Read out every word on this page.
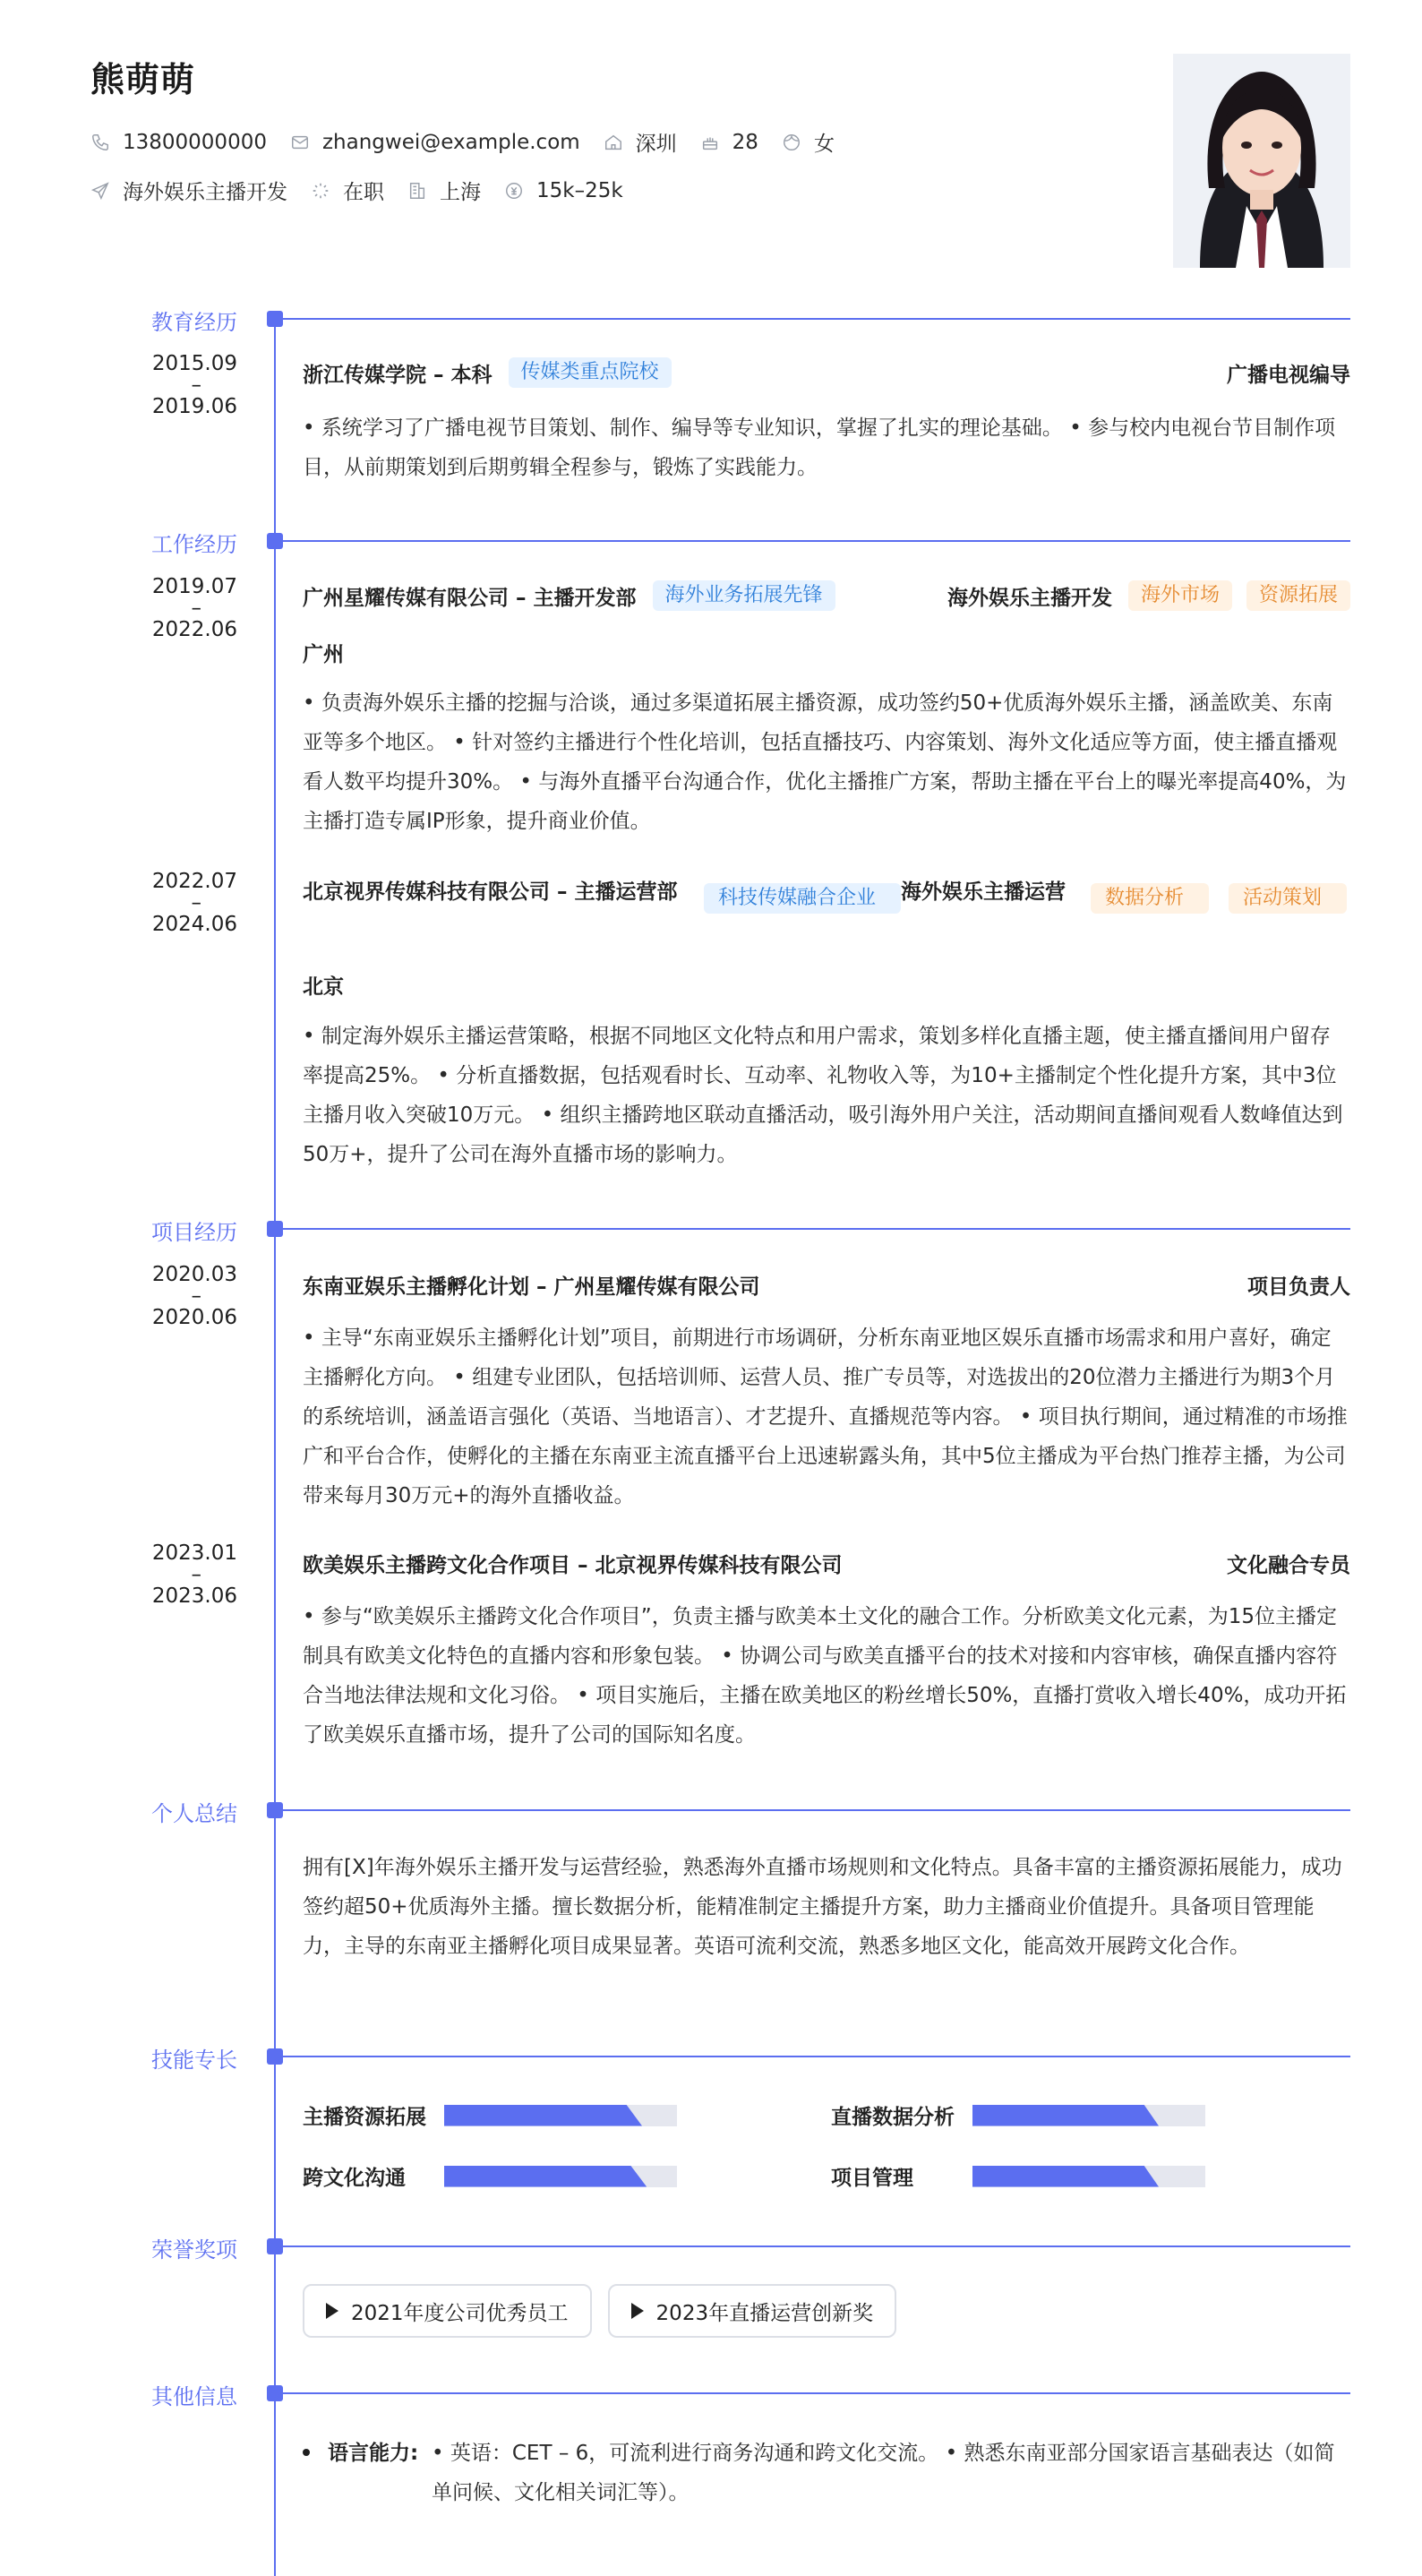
熊萌萌
13800000000	zhangwei@example.com	深圳	28	女
海外娱乐主播开发	在职	上海	15k–25k
教育经历
2015.09
–
2019.06
浙江传媒学院 – 本科	传媒类重点院校	广播电视编导
• 系统学习了广播电视节目策划、制作、编导等专业知识，掌握了扎实的理论基础。 • 参与校内电视台节目制作项目，从前期策划到后期剪辑全程参与，锻炼了实践能力。
工作经历
2019.07
–
2022.06
广州星耀传媒有限公司 – 主播开发部	海外业务拓展先锋	海外娱乐主播开发	海外市场	资源拓展
广州
• 负责海外娱乐主播的挖掘与洽谈，通过多渠道拓展主播资源，成功签约50+优质海外娱乐主播，涵盖欧美、东南亚等多个地区。 • 针对签约主播进行个性化培训，包括直播技巧、内容策划、海外文化适应等方面，使主播直播观看人数平均提升30%。 • 与海外直播平台沟通合作，优化主播推广方案，帮助主播在平台上的曝光率提高40%，为主播打造专属IP形象，提升商业价值。
2022.07
–
2024.06
北京视界传媒科技有限公司 – 主播运营部	科技传媒融合企业	海外娱乐主播运营	数据分析	活动策划
北京
• 制定海外娱乐主播运营策略，根据不同地区文化特点和用户需求，策划多样化直播主题，使主播直播间用户留存率提高25%。 • 分析直播数据，包括观看时长、互动率、礼物收入等，为10+主播制定个性化提升方案，其中3位主播月收入突破10万元。 • 组织主播跨地区联动直播活动，吸引海外用户关注，活动期间直播间观看人数峰值达到50万+，提升了公司在海外直播市场的影响力。
项目经历
2020.03
–
2020.06
东南亚娱乐主播孵化计划 – 广州星耀传媒有限公司	项目负责人
• 主导“东南亚娱乐主播孵化计划”项目，前期进行市场调研，分析东南亚地区娱乐直播市场需求和用户喜好，确定主播孵化方向。 • 组建专业团队，包括培训师、运营人员、推广专员等，对选拔出的20位潜力主播进行为期3个月的系统培训，涵盖语言强化（英语、当地语言）、才艺提升、直播规范等内容。 • 项目执行期间，通过精准的市场推广和平台合作，使孵化的主播在东南亚主流直播平台上迅速崭露头角，其中5位主播成为平台热门推荐主播，为公司带来每月30万元+的海外直播收益。
2023.01
–
2023.06
欧美娱乐主播跨文化合作项目 – 北京视界传媒科技有限公司	文化融合专员
• 参与“欧美娱乐主播跨文化合作项目”，负责主播与欧美本土文化的融合工作。分析欧美文化元素，为15位主播定制具有欧美文化特色的直播内容和形象包装。 • 协调公司与欧美直播平台的技术对接和内容审核，确保直播内容符合当地法律法规和文化习俗。 • 项目实施后，主播在欧美地区的粉丝增长50%，直播打赏收入增长40%，成功开拓了欧美娱乐直播市场，提升了公司的国际知名度。
个人总结
拥有[X]年海外娱乐主播开发与运营经验，熟悉海外直播市场规则和文化特点。具备丰富的主播资源拓展能力，成功签约超50+优质海外主播。擅长数据分析，能精准制定主播提升方案，助力主播商业价值提升。具备项目管理能力，主导的东南亚主播孵化项目成果显著。英语可流利交流，熟悉多地区文化，能高效开展跨文化合作。
技能专长
主播资源拓展	直播数据分析
跨文化沟通	项目管理
荣誉奖项
2021年度公司优秀员工	2023年直播运营创新奖
其他信息
语言能力: • 英语：CET – 6，可流利进行商务沟通和跨文化交流。 • 熟悉东南亚部分国家语言基础表达（如简单问候、文化相关词汇等）。
